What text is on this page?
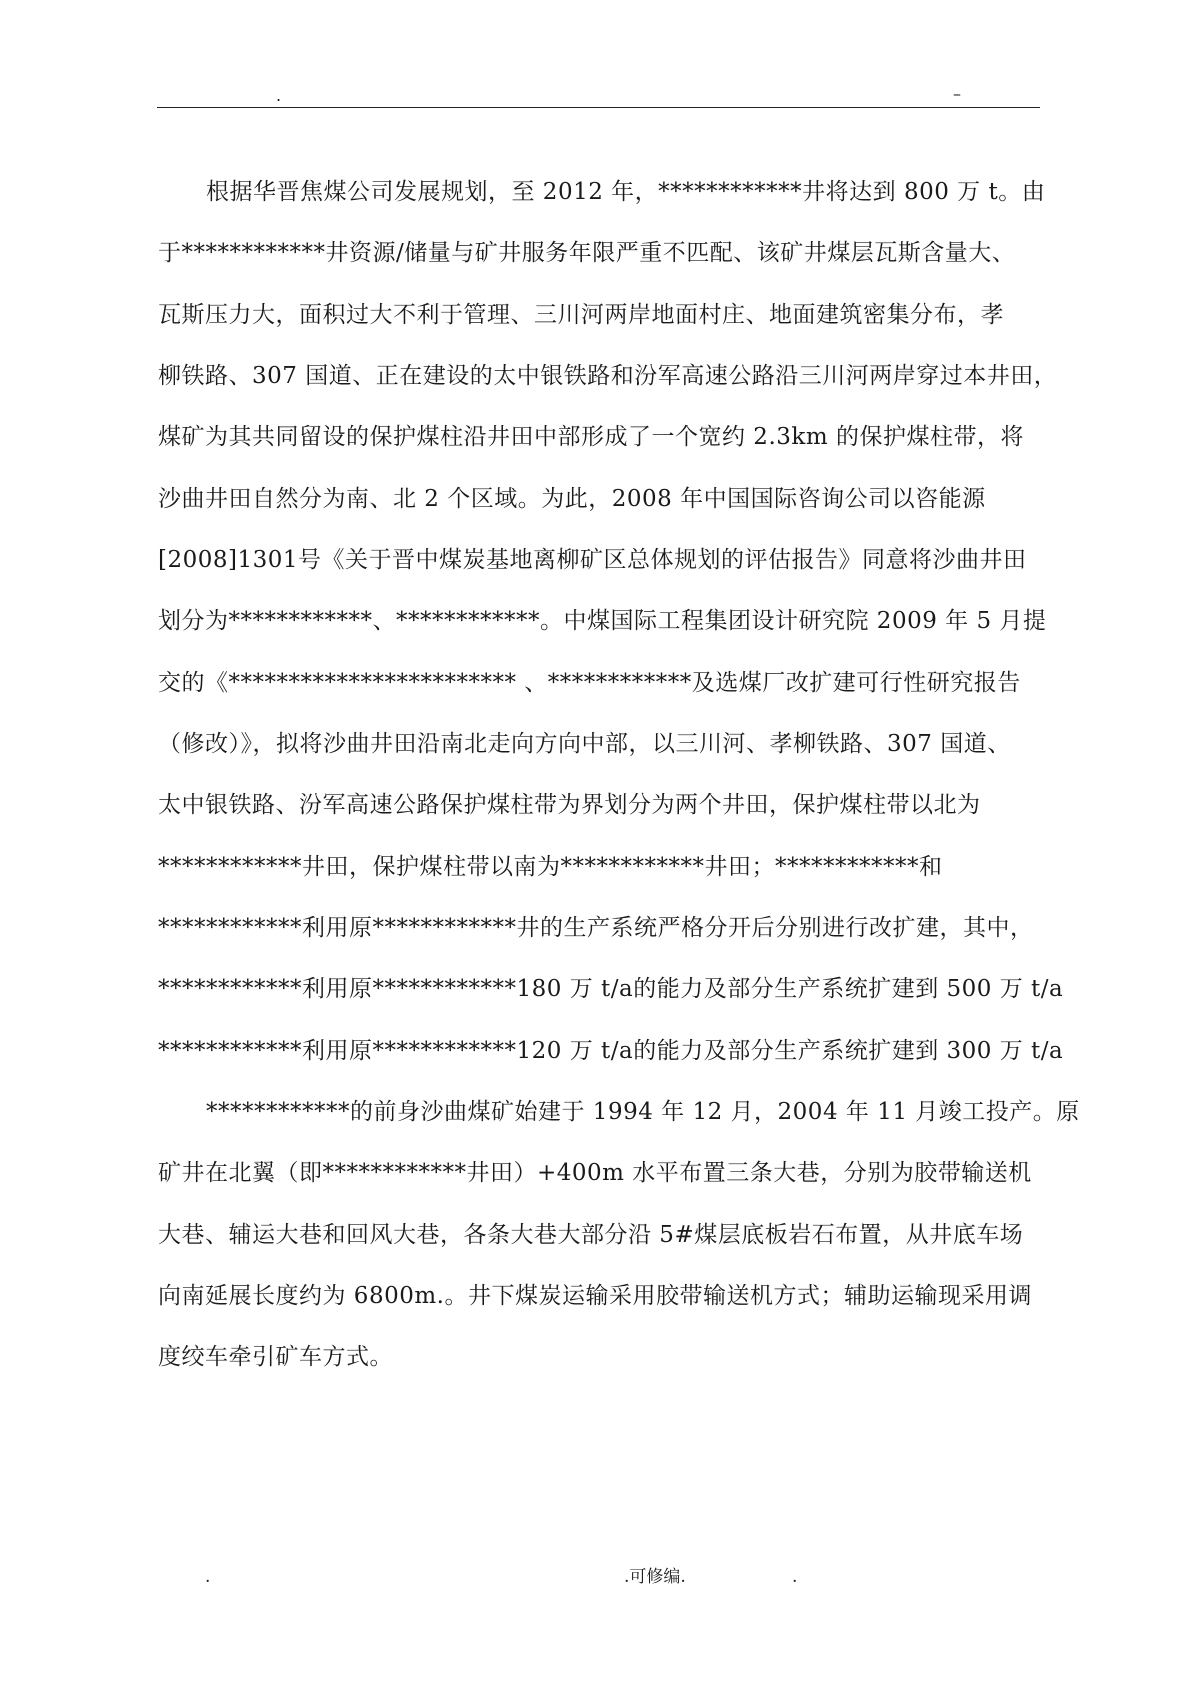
.	–
根据华晋焦煤公司发展规划，至 2012 年，************井将达到 800 万 t。由
于************井资源/储量与矿井服务年限严重不匹配、该矿井煤层瓦斯含量大、
瓦斯压力大，面积过大不利于管理、三川河两岸地面村庄、地面建筑密集分布，孝
柳铁路、307 国道、正在建设的太中银铁路和汾军高速公路沿三川河两岸穿过本井田，
煤矿为其共同留设的保护煤柱沿井田中部形成了一个宽约 2.3km 的保护煤柱带，将
沙曲井田自然分为南、北 2 个区域。为此，2008 年中国国际咨询公司以咨能源
[2008]1301号《关于晋中煤炭基地离柳矿区总体规划的评估报告》同意将沙曲井田
划分为************、************。中煤国际工程集团设计研究院 2009 年 5 月提
交的《************************ 、************及选煤厂改扩建可行性研究报告
（修改）》，拟将沙曲井田沿南北走向方向中部，以三川河、孝柳铁路、307 国道、
太中银铁路、汾军高速公路保护煤柱带为界划分为两个井田，保护煤柱带以北为
************井田，保护煤柱带以南为************井田；************和
************利用原************井的生产系统严格分开后分别进行改扩建，其中，
************利用原************180 万 t/a的能力及部分生产系统扩建到 500 万 t/a
************利用原************120 万 t/a的能力及部分生产系统扩建到 300 万 t/a
************的前身沙曲煤矿始建于 1994 年 12 月，2004 年 11 月竣工投产。原
矿井在北翼（即************井田）+400m 水平布置三条大巷，分别为胶带输送机
大巷、辅运大巷和回风大巷，各条大巷大部分沿 5#煤层底板岩石布置，从井底车场
向南延展长度约为 6800m.。井下煤炭运输采用胶带输送机方式；辅助运输现采用调
度绞车牵引矿车方式。
.	.可修编.	.
